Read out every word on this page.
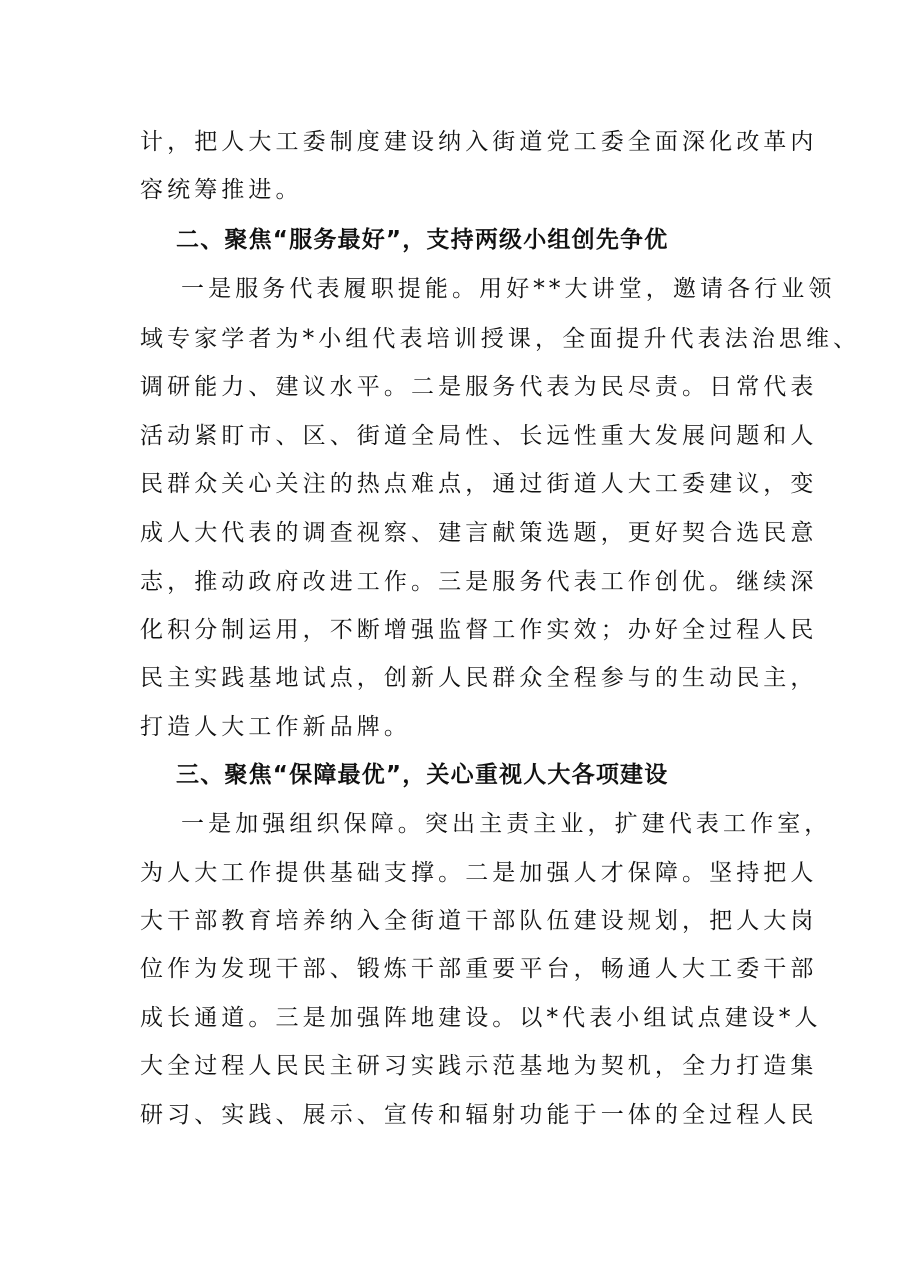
计，把人大工委制度建设纳入街道党工委全面深化改革内
容统筹推进。
二、聚焦“服务最好”，支持两级小组创先争优
一是服务代表履职提能。用好**大讲堂，邀请各行业领
域专家学者为*小组代表培训授课，全面提升代表法治思维、
调研能力、建议水平。二是服务代表为民尽责。日常代表
活动紧盯市、区、街道全局性、长远性重大发展问题和人
民群众关心关注的热点难点，通过街道人大工委建议，变
成人大代表的调查视察、建言献策选题，更好契合选民意
志，推动政府改进工作。三是服务代表工作创优。继续深
化积分制运用，不断增强监督工作实效；办好全过程人民
民主实践基地试点，创新人民群众全程参与的生动民主，
打造人大工作新品牌。
三、聚焦“保障最优”，关心重视人大各项建设
一是加强组织保障。突出主责主业，扩建代表工作室，
为人大工作提供基础支撑。二是加强人才保障。坚持把人
大干部教育培养纳入全街道干部队伍建设规划，把人大岗
位作为发现干部、锻炼干部重要平台，畅通人大工委干部
成长通道。三是加强阵地建设。以*代表小组试点建设*人
大全过程人民民主研习实践示范基地为契机，全力打造集
研习、实践、展示、宣传和辐射功能于一体的全过程人民
